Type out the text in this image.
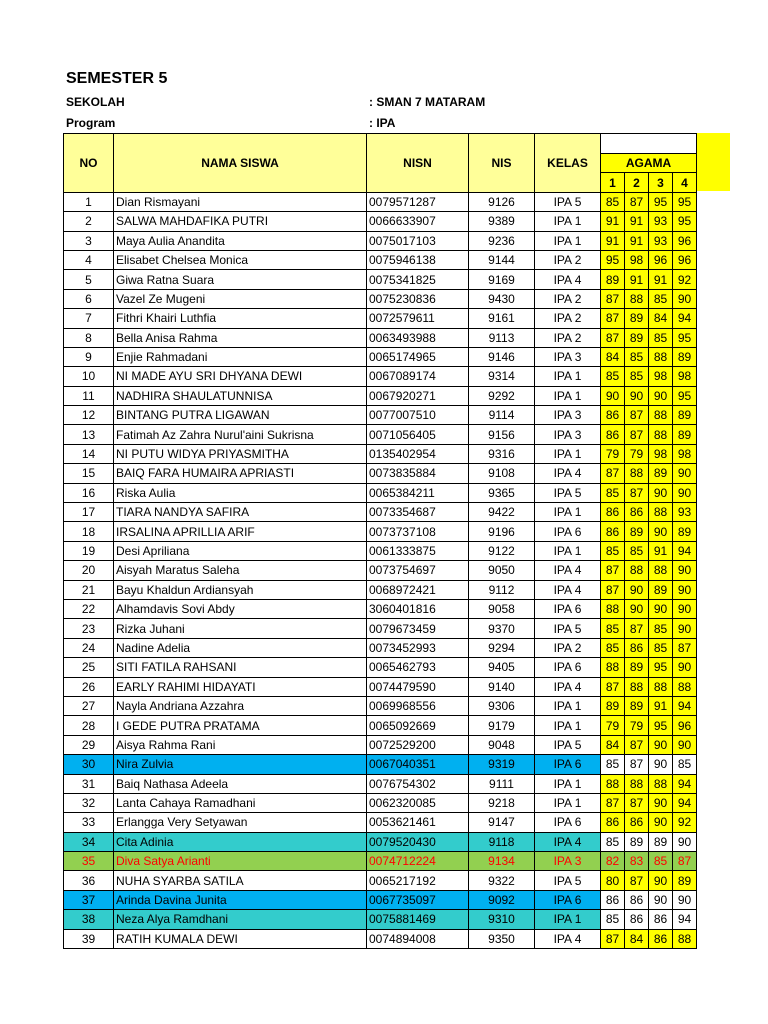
SEMESTER 5
SEKOLAH	: SMAN 7 MATARAM
Program	: IPA
NO	NAMA SISWA	NISN	NIS	KELAS				
					AGAMA			
					1	2	3	4
1	Dian Rismayani	0079571287	9126	IPA 5	85	87	95	95
2	SALWA MAHDAFIKA PUTRI	0066633907	9389	IPA 1	91	91	93	95
3	Maya Aulia Anandita	0075017103	9236	IPA 1	91	91	93	96
4	Elisabet Chelsea Monica	0075946138	9144	IPA 2	95	98	96	96
5	Giwa Ratna Suara	0075341825	9169	IPA 4	89	91	91	92
6	Vazel Ze Mugeni	0075230836	9430	IPA 2	87	88	85	90
7	Fithri Khairi Luthfia	0072579611	9161	IPA 2	87	89	84	94
8	Bella Anisa Rahma	0063493988	9113	IPA 2	87	89	85	95
9	Enjie Rahmadani	0065174965	9146	IPA 3	84	85	88	89
10	NI MADE AYU SRI DHYANA DEWI	0067089174	9314	IPA 1	85	85	98	98
11	NADHIRA SHAULATUNNISA	0067920271	9292	IPA 1	90	90	90	95
12	BINTANG PUTRA LIGAWAN	0077007510	9114	IPA 3	86	87	88	89
13	Fatimah Az Zahra Nurul'aini Sukrisna	0071056405	9156	IPA 3	86	87	88	89
14	NI PUTU WIDYA PRIYASMITHA	0135402954	9316	IPA 1	79	79	98	98
15	BAIQ FARA HUMAIRA APRIASTI	0073835884	9108	IPA 4	87	88	89	90
16	Riska Aulia	0065384211	9365	IPA 5	85	87	90	90
17	TIARA NANDYA SAFIRA	0073354687	9422	IPA 1	86	86	88	93
18	IRSALINA APRILLIA ARIF	0073737108	9196	IPA 6	86	89	90	89
19	Desi Apriliana	0061333875	9122	IPA 1	85	85	91	94
20	Aisyah Maratus Saleha	0073754697	9050	IPA 4	87	88	88	90
21	Bayu Khaldun Ardiansyah	0068972421	9112	IPA 4	87	90	89	90
22	Alhamdavis Sovi Abdy	3060401816	9058	IPA 6	88	90	90	90
23	Rizka Juhani	0079673459	9370	IPA 5	85	87	85	90
24	Nadine Adelia	0073452993	9294	IPA 2	85	86	85	87
25	SITI FATILA RAHSANI	0065462793	9405	IPA 6	88	89	95	90
26	EARLY RAHIMI HIDAYATI	0074479590	9140	IPA 4	87	88	88	88
27	Nayla Andriana Azzahra	0069968556	9306	IPA 1	89	89	91	94
28	I GEDE PUTRA PRATAMA	0065092669	9179	IPA 1	79	79	95	96
29	Aisya Rahma Rani	0072529200	9048	IPA 5	84	87	90	90
30	Nira Zulvia	0067040351	9319	IPA 6	85	87	90	85
31	Baiq Nathasa Adeela	0076754302	9111	IPA 1	88	88	88	94
32	Lanta Cahaya Ramadhani	0062320085	9218	IPA 1	87	87	90	94
33	Erlangga Very Setyawan	0053621461	9147	IPA 6	86	86	90	92
34	Cita Adinia	0079520430	9118	IPA 4	85	89	89	90
35	Diva Satya Arianti	0074712224	9134	IPA 3	82	83	85	87
36	NUHA SYARBA SATILA	0065217192	9322	IPA 5	80	87	90	89
37	Arinda Davina Junita	0067735097	9092	IPA 6	86	86	90	90
38	Neza Alya Ramdhani	0075881469	9310	IPA 1	85	86	86	94
39	RATIH KUMALA DEWI	0074894008	9350	IPA 4	87	84	86	88
